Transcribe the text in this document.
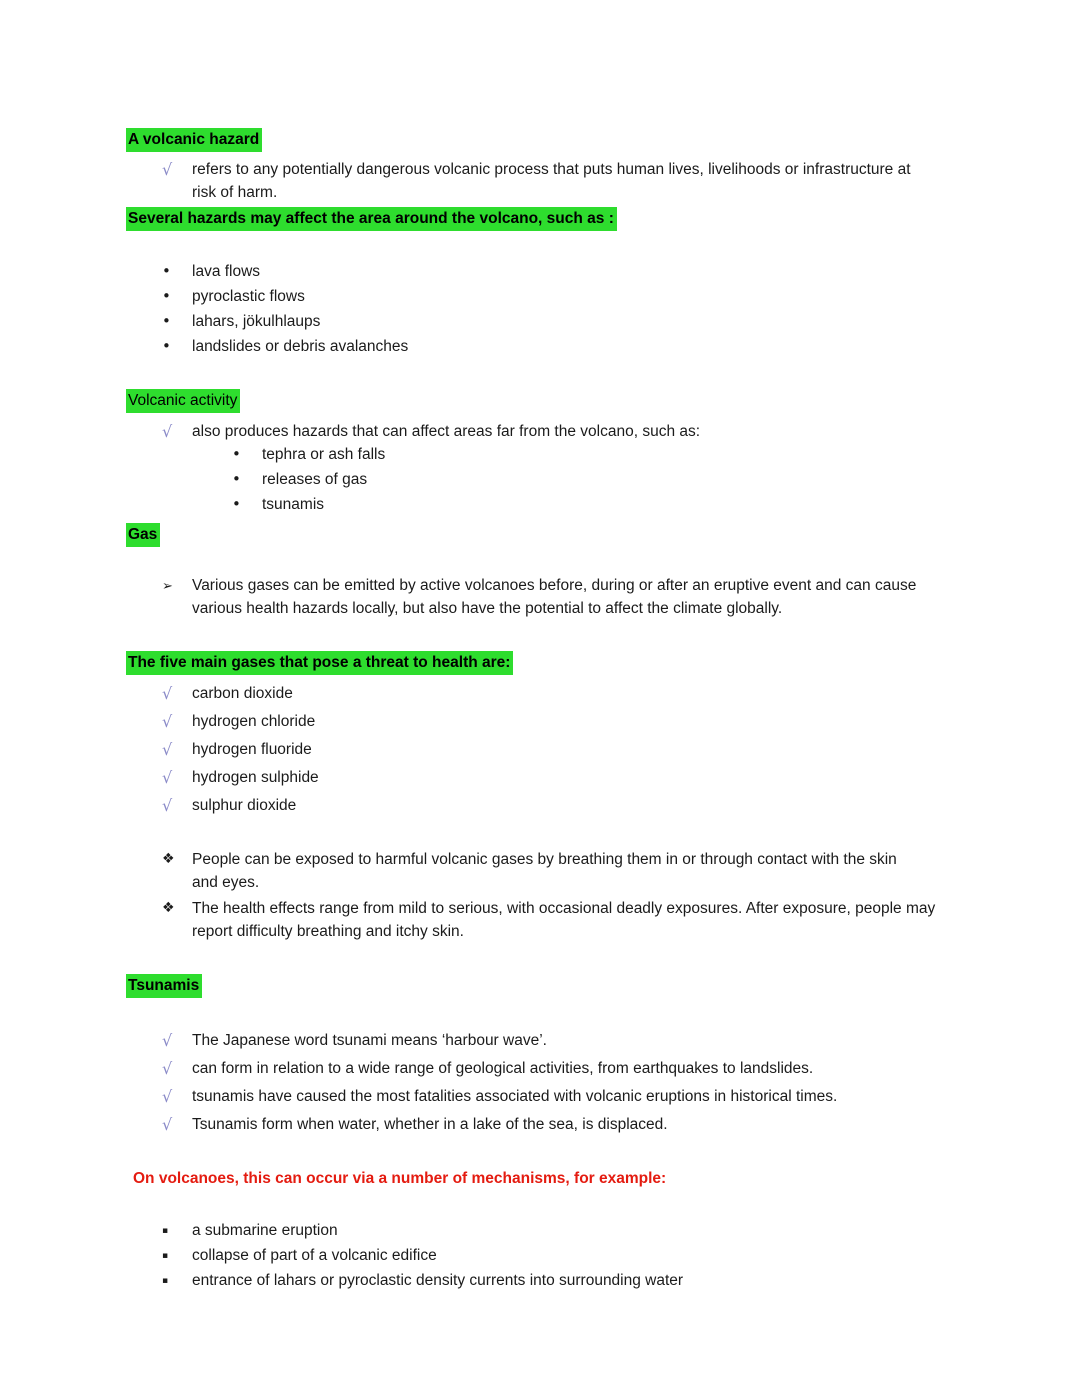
A volcanic hazard
√	refers to any potentially dangerous volcanic process that puts human lives, livelihoods or infrastructure at risk of harm.
Several hazards may affect the area around the volcano, such as :
•	lava flows
•	pyroclastic flows
•	lahars, jökulhlaups
•	landslides or debris avalanches
Volcanic activity
√	also produces hazards that can affect areas far from the volcano, such as:
•	tephra or ash falls
•	releases of gas
•	tsunamis
Gas
➢	Various gases can be emitted by active volcanoes before, during or after an eruptive event and can cause various health hazards locally, but also have the potential to affect the climate globally.
The five main gases that pose a threat to health are:
√	carbon dioxide
√	hydrogen chloride
√	hydrogen fluoride
√	hydrogen sulphide
√	sulphur dioxide
❖	People can be exposed to harmful volcanic gases by breathing them in or through contact with the skin and eyes.
❖	The health effects range from mild to serious, with occasional deadly exposures. After exposure, people may report difficulty breathing and itchy skin.
Tsunamis
√	The Japanese word tsunami means ‘harbour wave’.
√	can form in relation to a wide range of geological activities, from earthquakes to landslides.
√	tsunamis have caused the most fatalities associated with volcanic eruptions in historical times.
√	Tsunamis form when water, whether in a lake of the sea, is displaced.
On volcanoes, this can occur via a number of mechanisms, for example:
▪	a submarine eruption
▪	collapse of part of a volcanic edifice
▪	entrance of lahars or pyroclastic density currents into surrounding water
